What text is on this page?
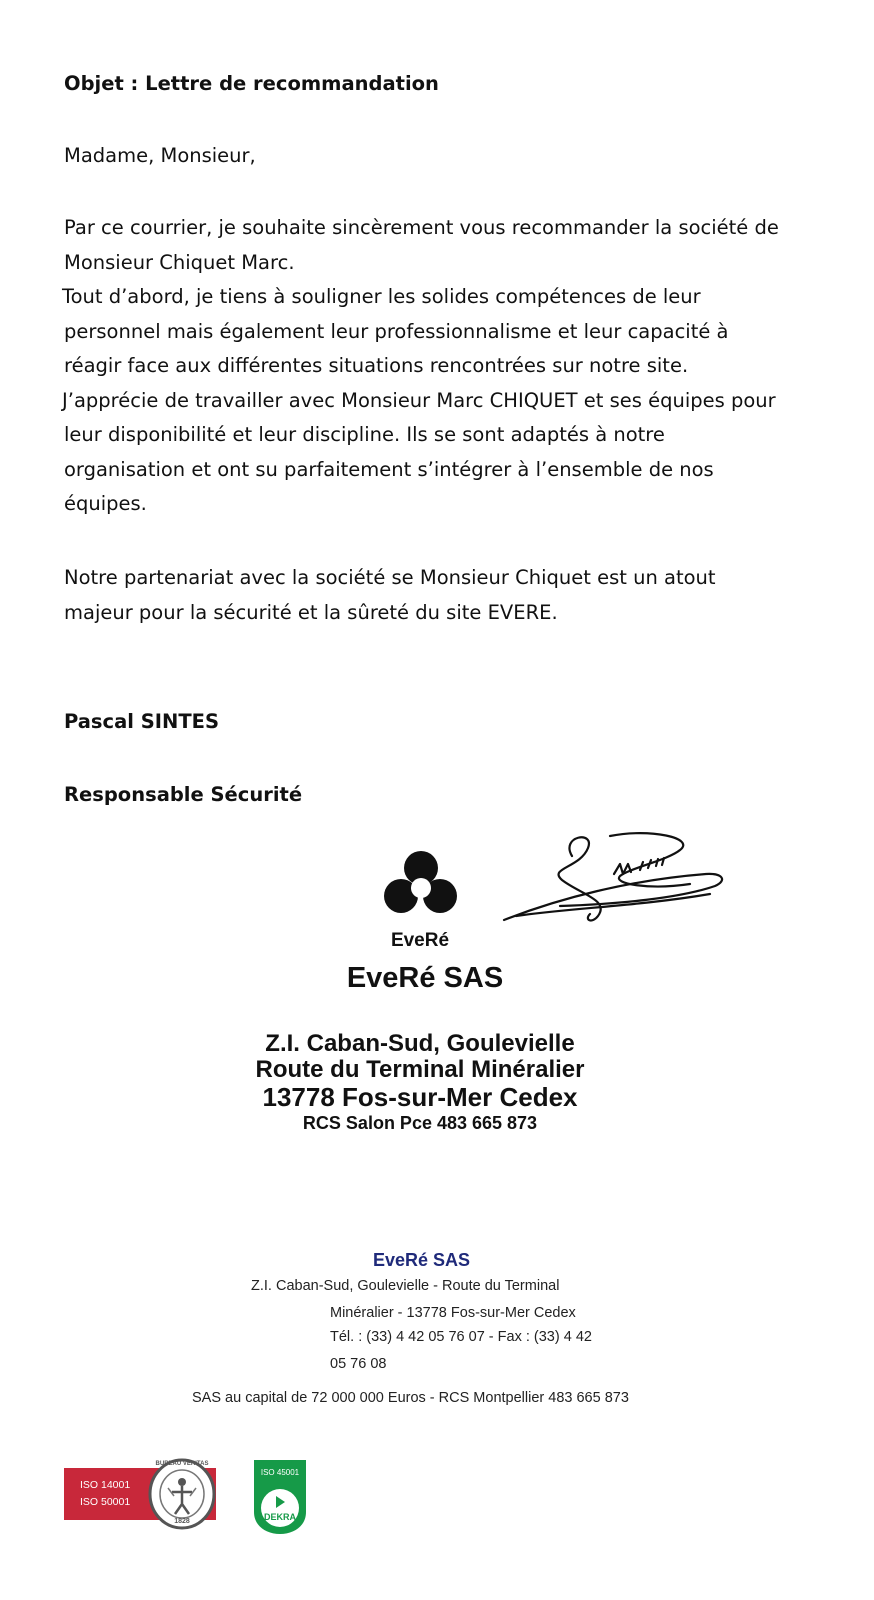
Objet : Lettre de recommandation
Madame, Monsieur,
Par ce courrier, je souhaite sincèrement vous recommander la société de
Monsieur Chiquet Marc.
Tout d’abord, je tiens à souligner les solides compétences de leur
personnel mais également leur professionnalisme et leur capacité à
réagir face aux différentes situations rencontrées sur notre site.
J’apprécie de travailler avec Monsieur Marc CHIQUET et ses équipes pour
leur disponibilité et leur discipline. Ils se sont adaptés à notre
organisation et ont su parfaitement s’intégrer à l’ensemble de nos
équipes.
Notre partenariat avec la société se Monsieur Chiquet est un atout
majeur pour la sécurité et la sûreté du site EVERE.
Pascal SINTES
Responsable Sécurité
EveRé
EveRé SAS
Z.I. Caban-Sud, Goulevielle
Route du Terminal Minéralier
13778 Fos-sur-Mer Cedex
RCS Salon Pce 483 665 873
EveRé SAS
Z.I. Caban-Sud, Goulevielle - Route du Terminal
Minéralier - 13778 Fos-sur-Mer Cedex
Tél. : (33) 4 42 05 76 07 - Fax : (33) 4 42
05 76 08
SAS au capital de 72 000 000 Euros - RCS Montpellier 483 665 873
ISO 14001
ISO 50001
BUREAU VERITAS
1828
ISO 45001
DEKRA
